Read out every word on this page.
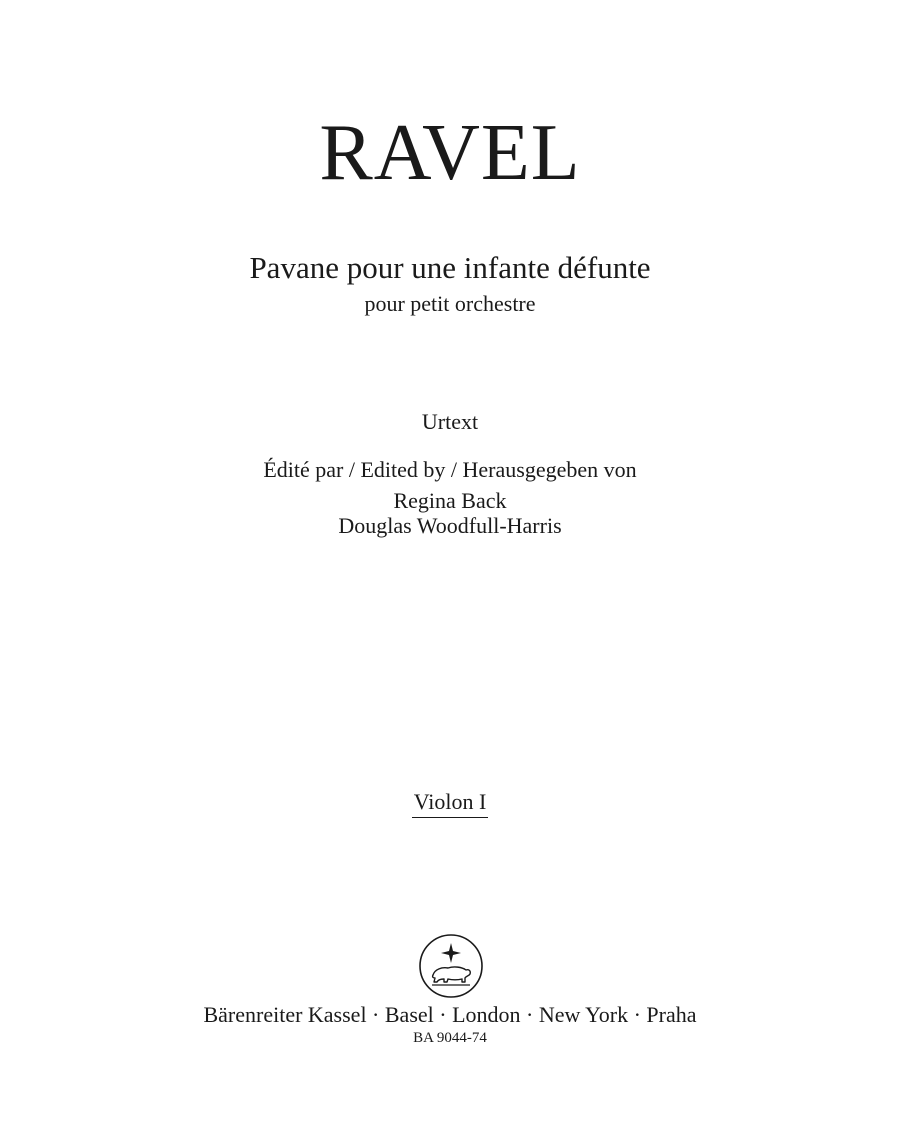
RAVEL
Pavane pour une infante défunte
pour petit orchestre
Urtext
Édité par / Edited by / Herausgegeben von
Regina Back
Douglas Woodfull-Harris
Violon I
Bärenreiter Kassel · Basel · London · New York · Praha
BA 9044-74
